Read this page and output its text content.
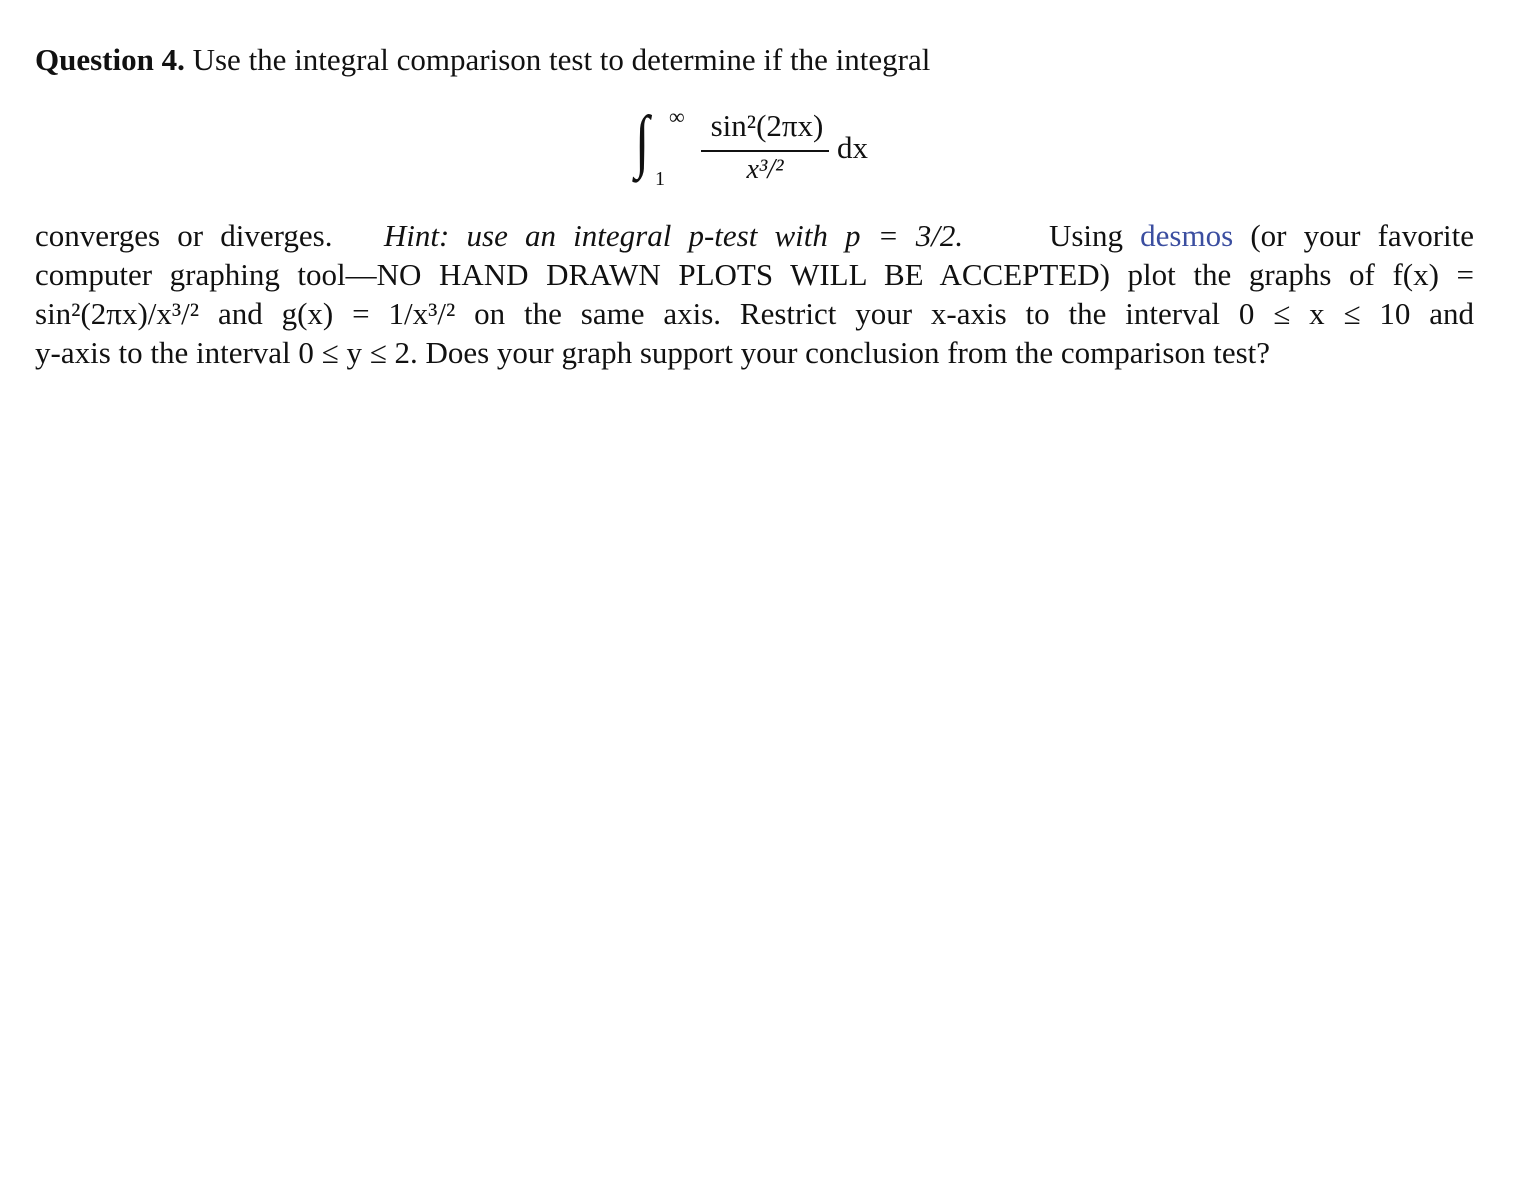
Question 4. Use the integral comparison test to determine if the integral
∫ ∞
1
sin²(2πx)
x³/²
dx
converges or diverges. Hint: use an integral p-test with p = 3/2.	Using desmos (or your favorite
computer graphing tool—NO HAND DRAWN PLOTS WILL BE ACCEPTED) plot the graphs of f(x) =
sin²(2πx)/x³/² and g(x) = 1/x³/² on the same axis. Restrict your x-axis to the interval 0 ≤ x ≤ 10 and
y-axis to the interval 0 ≤ y ≤ 2. Does your graph support your conclusion from the comparison test?
